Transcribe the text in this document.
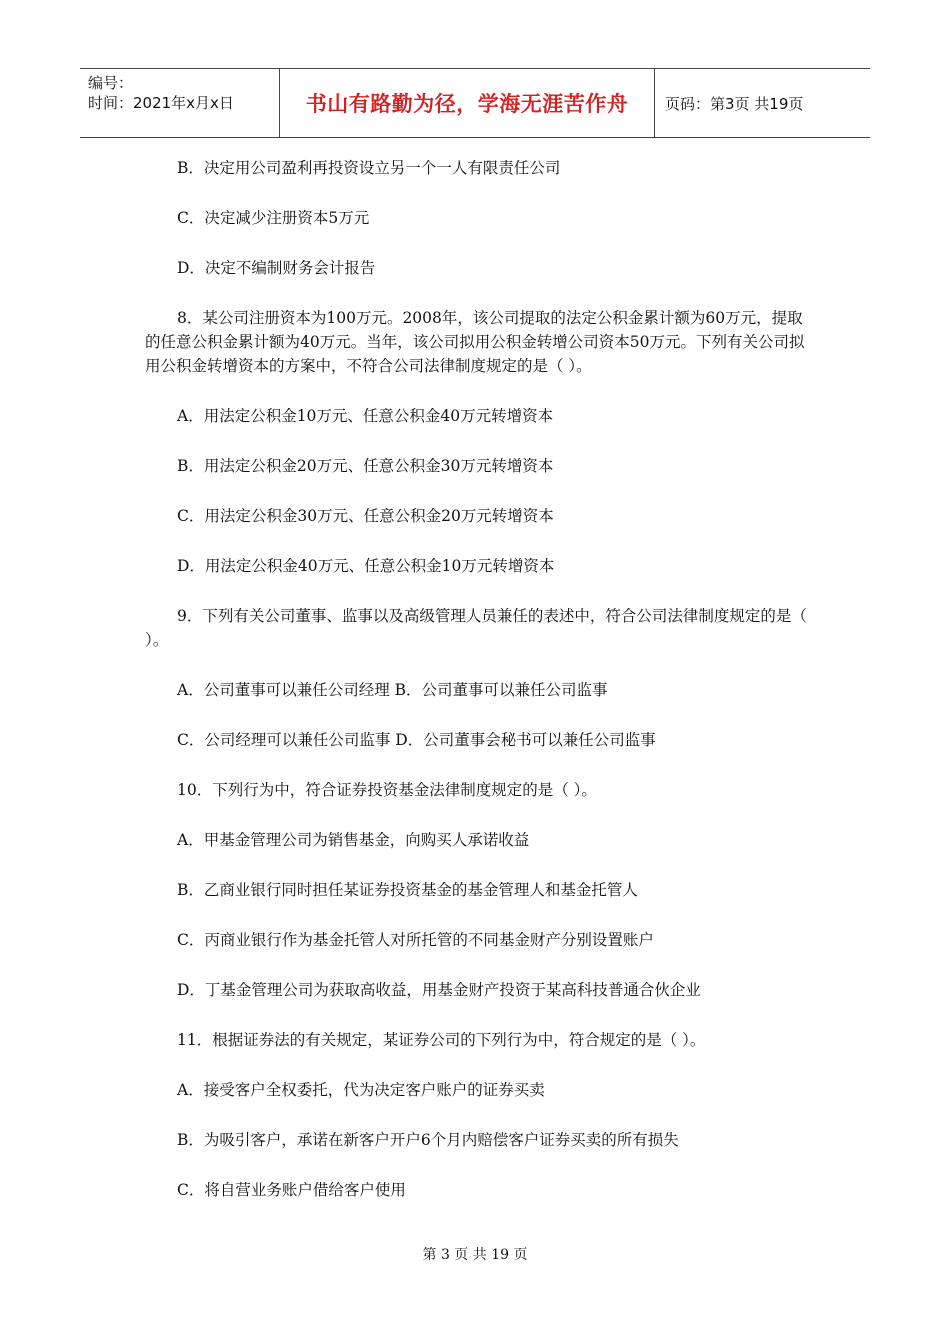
编号：
时间：2021年x月x日	书山有路勤为径，学海无涯苦作舟	页码：第3页 共19页

B．决定用公司盈利再投资设立另一个一人有限责任公司

C．决定减少注册资本5万元

D．决定不编制财务会计报告

8．某公司注册资本为100万元。2008年，该公司提取的法定公积金累计额为60万元，提取的任意公积金累计额为40万元。当年，该公司拟用公积金转增公司资本50万元。下列有关公司拟用公积金转增资本的方案中，不符合公司法律制度规定的是（ ）。

A．用法定公积金10万元、任意公积金40万元转增资本

B．用法定公积金20万元、任意公积金30万元转增资本

C．用法定公积金30万元、任意公积金20万元转增资本

D．用法定公积金40万元、任意公积金10万元转增资本

9．下列有关公司董事、监事以及高级管理人员兼任的表述中，符合公司法律制度规定的是（ ）。

A．公司董事可以兼任公司经理 B．公司董事可以兼任公司监事

C．公司经理可以兼任公司监事 D．公司董事会秘书可以兼任公司监事

10．下列行为中，符合证券投资基金法律制度规定的是（ ）。

A．甲基金管理公司为销售基金，向购买人承诺收益

B．乙商业银行同时担任某证券投资基金的基金管理人和基金托管人

C．丙商业银行作为基金托管人对所托管的不同基金财产分别设置账户

D．丁基金管理公司为获取高收益，用基金财产投资于某高科技普通合伙企业

11．根据证券法的有关规定，某证券公司的下列行为中，符合规定的是（ ）。

A．接受客户全权委托，代为决定客户账户的证券买卖

B．为吸引客户，承诺在新客户开户6个月内赔偿客户证券买卖的所有损失

C．将自营业务账户借给客户使用

第 3 页 共 19 页
